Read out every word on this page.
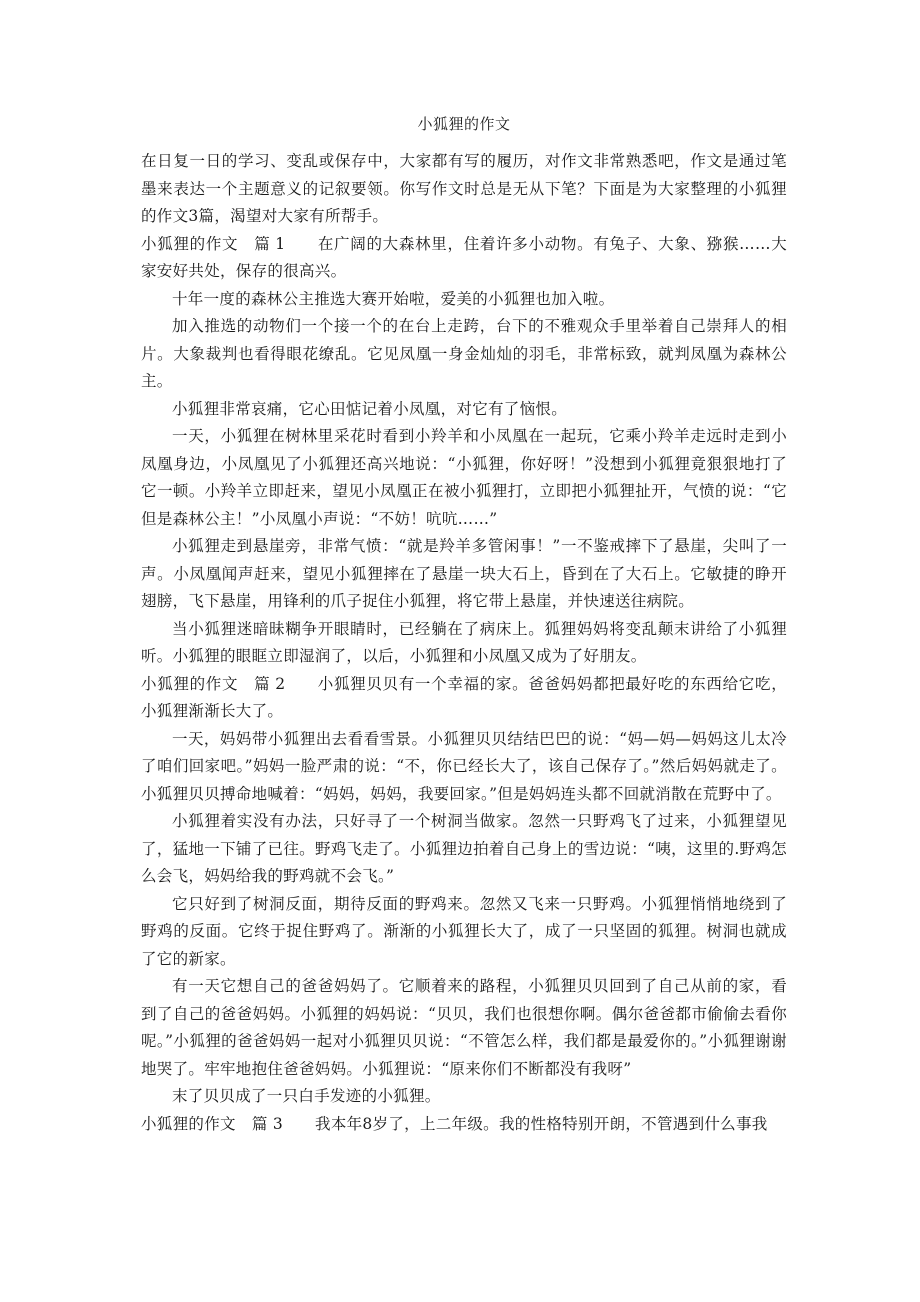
小狐狸的作文

在日复一日的学习、变乱或保存中，大家都有写的履历，对作文非常熟悉吧，作文是通过笔墨来表达一个主题意义的记叙要领。你写作文时总是无从下笔？下面是为大家整理的小狐狸的作文3篇，渴望对大家有所帮手。

小狐狸的作文 篇 1 在广阔的大森林里，住着许多小动物。有兔子、大象、猕猴……大家安好共处，保存的很高兴。

十年一度的森林公主推选大赛开始啦，爱美的小狐狸也加入啦。

加入推选的动物们一个接一个的在台上走跨，台下的不雅观众手里举着自己崇拜人的相片。大象裁判也看得眼花缭乱。它见凤凰一身金灿灿的羽毛，非常标致，就判凤凰为森林公主。

小狐狸非常哀痛，它心田惦记着小凤凰，对它有了恼恨。

一天，小狐狸在树林里采花时看到小羚羊和小凤凰在一起玩，它乘小羚羊走远时走到小凤凰身边，小凤凰见了小狐狸还高兴地说：“小狐狸，你好呀！”没想到小狐狸竟狠狠地打了它一顿。小羚羊立即赶来，望见小凤凰正在被小狐狸打，立即把小狐狸扯开，气愤的说：“它但是森林公主！”小凤凰小声说：“不妨！吭吭……”

小狐狸走到悬崖旁，非常气愤：“就是羚羊多管闲事！”一不鉴戒摔下了悬崖，尖叫了一声。小凤凰闻声赶来，望见小狐狸摔在了悬崖一块大石上，昏到在了大石上。它敏捷的睁开翅膀，飞下悬崖，用锋利的爪子捉住小狐狸，将它带上悬崖，并快速送往病院。

当小狐狸迷暗昧糊争开眼睛时，已经躺在了病床上。狐狸妈妈将变乱颠末讲给了小狐狸听。小狐狸的眼眶立即湿润了，以后，小狐狸和小凤凰又成为了好朋友。

小狐狸的作文 篇 2 小狐狸贝贝有一个幸福的家。爸爸妈妈都把最好吃的东西给它吃，小狐狸渐渐长大了。

一天，妈妈带小狐狸出去看看雪景。小狐狸贝贝结结巴巴的说：“妈—妈—妈妈这儿太冷了咱们回家吧。”妈妈一脸严肃的说：“不，你已经长大了，该自己保存了。”然后妈妈就走了。小狐狸贝贝搏命地喊着：“妈妈，妈妈，我要回家。”但是妈妈连头都不回就消散在荒野中了。

小狐狸着实没有办法，只好寻了一个树洞当做家。忽然一只野鸡飞了过来，小狐狸望见了，猛地一下铺了已往。野鸡飞走了。小狐狸边拍着自己身上的雪边说：“咦，这里的.野鸡怎么会飞，妈妈给我的野鸡就不会飞。”

它只好到了树洞反面，期待反面的野鸡来。忽然又飞来一只野鸡。小狐狸悄悄地绕到了野鸡的反面。它终于捉住野鸡了。渐渐的小狐狸长大了，成了一只坚固的狐狸。树洞也就成了它的新家。

有一天它想自己的爸爸妈妈了。它顺着来的路程，小狐狸贝贝回到了自己从前的家，看到了自己的爸爸妈妈。小狐狸的妈妈说：“贝贝，我们也很想你啊。偶尔爸爸都市偷偷去看你呢。”小狐狸的爸爸妈妈一起对小狐狸贝贝说：“不管怎么样，我们都是最爱你的。”小狐狸谢谢地哭了。牢牢地抱住爸爸妈妈。小狐狸说：“原来你们不断都没有我呀”

末了贝贝成了一只白手发迹的小狐狸。

小狐狸的作文 篇 3 我本年8岁了，上二年级。我的性格特别开朗，不管遇到什么事我
